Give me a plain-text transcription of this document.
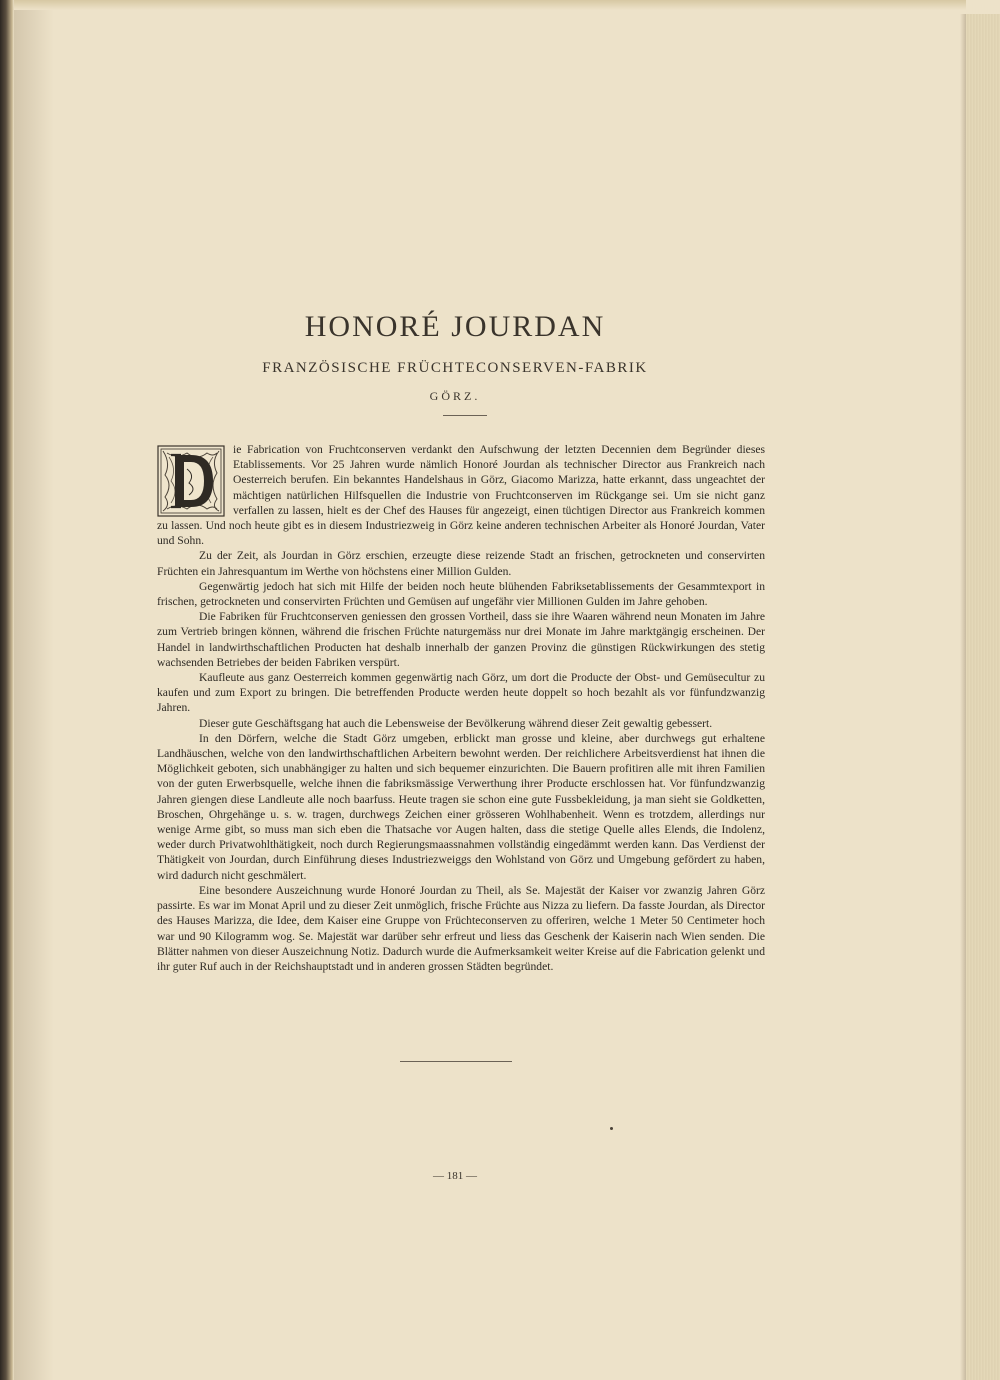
HONORÉ JOURDAN
FRANZÖSISCHE FRÜCHTECONSERVEN-FABRIK
GÖRZ.

ie Fabrication von Fruchtconserven verdankt den Aufschwung der letzten Decennien dem Begründer dieses Etablissements. Vor 25 Jahren wurde nämlich Honoré Jourdan als technischer Director aus Frankreich nach Oesterreich berufen. Ein bekanntes Handelshaus in Görz, Giacomo Marizza, hatte erkannt, dass ungeachtet der mächtigen natürlichen Hilfsquellen die Industrie von Fruchtconserven im Rückgange sei. Um sie nicht ganz verfallen zu lassen, hielt es der Chef des Hauses für angezeigt, einen tüchtigen Director aus Frankreich kommen zu lassen. Und noch heute gibt es in diesem Industriezweig in Görz keine anderen technischen Arbeiter als Honoré Jourdan, Vater und Sohn.

Zu der Zeit, als Jourdan in Görz erschien, erzeugte diese reizende Stadt an frischen, getrockneten und conservirten Früchten ein Jahresquantum im Werthe von höchstens einer Million Gulden.

Gegenwärtig jedoch hat sich mit Hilfe der beiden noch heute blühenden Fabriksetablissements der Gesammtexport in frischen, getrockneten und conservirten Früchten und Gemüsen auf ungefähr vier Millionen Gulden im Jahre gehoben.

Die Fabriken für Fruchtconserven geniessen den grossen Vortheil, dass sie ihre Waaren während neun Monaten im Jahre zum Vertrieb bringen können, während die frischen Früchte naturgemäss nur drei Monate im Jahre marktgängig erscheinen. Der Handel in landwirthschaftlichen Producten hat deshalb innerhalb der ganzen Provinz die günstigen Rückwirkungen des stetig wachsenden Betriebes der beiden Fabriken verspürt.

Kaufleute aus ganz Oesterreich kommen gegenwärtig nach Görz, um dort die Producte der Obst- und Gemüsecultur zu kaufen und zum Export zu bringen. Die betreffenden Producte werden heute doppelt so hoch bezahlt als vor fünfundzwanzig Jahren.

Dieser gute Geschäftsgang hat auch die Lebensweise der Bevölkerung während dieser Zeit gewaltig gebessert.

In den Dörfern, welche die Stadt Görz umgeben, erblickt man grosse und kleine, aber durchwegs gut erhaltene Landhäuschen, welche von den landwirthschaftlichen Arbeitern bewohnt werden. Der reichlichere Arbeitsverdienst hat ihnen die Möglichkeit geboten, sich unabhängiger zu halten und sich bequemer einzurichten. Die Bauern profitiren alle mit ihren Familien von der guten Erwerbsquelle, welche ihnen die fabriksmässige Verwerthung ihrer Producte erschlossen hat. Vor fünfundzwanzig Jahren giengen diese Landleute alle noch baarfuss. Heute tragen sie schon eine gute Fussbekleidung, ja man sieht sie Goldketten, Broschen, Ohrgehänge u. s. w. tragen, durchwegs Zeichen einer grösseren Wohlhabenheit. Wenn es trotzdem, allerdings nur wenige Arme gibt, so muss man sich eben die Thatsache vor Augen halten, dass die stetige Quelle alles Elends, die Indolenz, weder durch Privatwohlthätigkeit, noch durch Regierungsmaassnahmen vollständig eingedämmt werden kann. Das Verdienst der Thätigkeit von Jourdan, durch Einführung dieses Industriezweiggs den Wohlstand von Görz und Umgebung gefördert zu haben, wird dadurch nicht geschmälert.

Eine besondere Auszeichnung wurde Honoré Jourdan zu Theil, als Se. Majestät der Kaiser vor zwanzig Jahren Görz passirte. Es war im Monat April und zu dieser Zeit unmöglich, frische Früchte aus Nizza zu liefern. Da fasste Jourdan, als Director des Hauses Marizza, die Idee, dem Kaiser eine Gruppe von Früchteconserven zu offeriren, welche 1 Meter 50 Centimeter hoch war und 90 Kilogramm wog. Se. Majestät war darüber sehr erfreut und liess das Geschenk der Kaiserin nach Wien senden. Die Blätter nahmen von dieser Auszeichnung Notiz. Dadurch wurde die Aufmerksamkeit weiter Kreise auf die Fabrication gelenkt und ihr guter Ruf auch in der Reichshauptstadt und in anderen grossen Städten begründet.

— 181 —
